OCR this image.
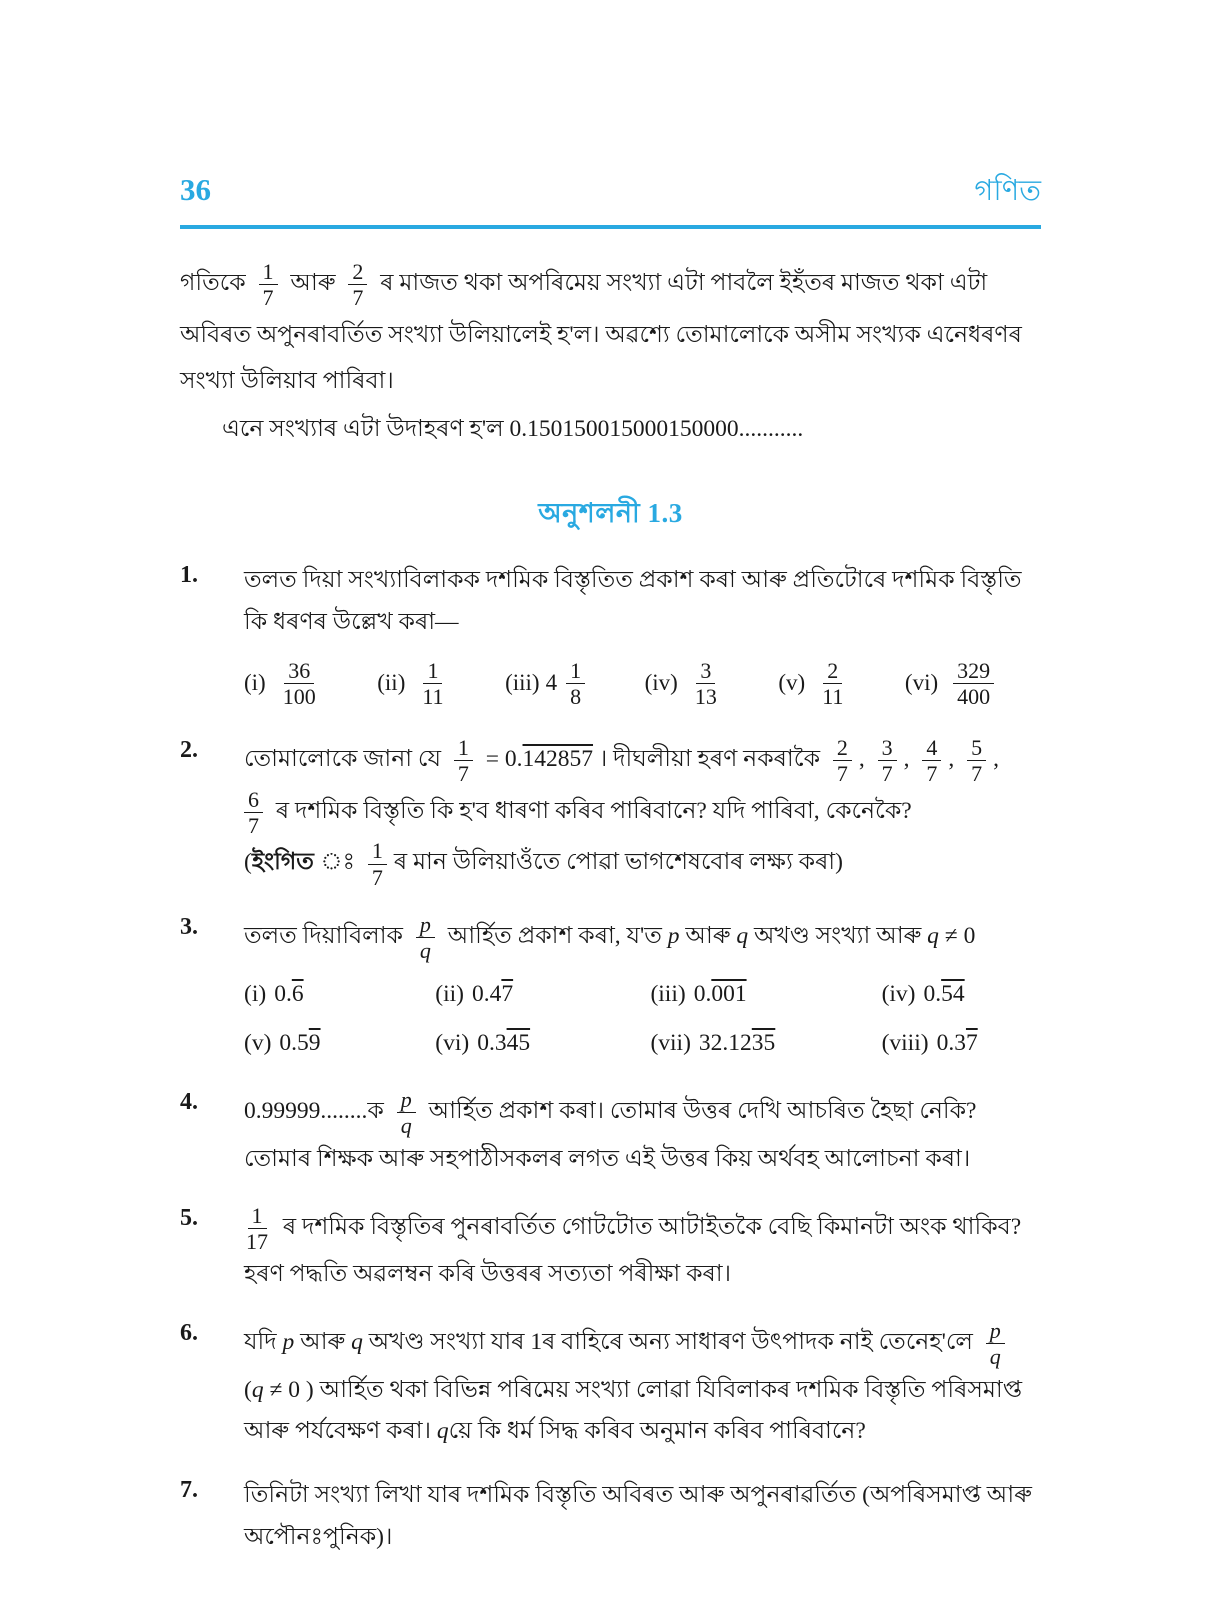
36	গণিত
গতিকে $\frac{1}{7}$ আৰু $\frac{2}{7}$ ৰ মাজত থকা অপৰিমেয় সংখ্যা এটা পাবলৈ ইহঁতৰ মাজত থকা এটা
অবিৰত অপুনৰাবৰ্তিত সংখ্যা উলিয়ালেই হ'ল। অৱশ্যে তোমালোকে অসীম সংখ্যক এনেধৰণৰ
সংখ্যা উলিয়াব পাৰিবা।
এনে সংখ্যাৰ এটা উদাহৰণ হ'ল 0.150150015000150000...........
অনুশলনী 1.3
1.	তলত দিয়া সংখ্যাবিলাকক দশমিক বিস্তৃতিত প্ৰকাশ কৰা আৰু প্ৰতিটোৰে দশমিক বিস্তৃতি
কি ধৰণৰ উল্লেখ কৰা—
$(i) \frac{36}{100}$	$(ii) \frac{1}{11}$	(iii) $4 \frac{1}{8}$	$(iv) \frac{3}{13}$	$(v) \frac{2}{11}$	$(vi) \frac{329}{400}$
2.	তোমালোকে জানা যে $\frac{1}{7} = 0.142857$ । দীঘলীয়া হৰণ নকৰাকৈ $\frac{2}{7}$ , $\frac{3}{7}$ , $\frac{4}{7}$ , $\frac{5}{7}$ ,
$\frac{6}{7}$ ৰ দশমিক বিস্তৃতি কি হ'ব ধাৰণা কৰিব পাৰিবানে? যদি পাৰিবা, কেনেকৈ?
(ইংগিত $\frac{1}{7}$ ৰ মান উলিয়াওঁতে পোৱা ভাগশেষবোৰ লক্ষ্য কৰা)
3.	তলত দিয়াবিলাক $\frac{p}{q}$ আৰ্হিত প্ৰকাশ কৰা, য'ত p আৰু q অখণ্ড সংখ্যা আৰু q ≠ 0
(i) 0.6	(ii) 0.47	(iii) 0.001	(iv) 0.54
(v) 0.59	(vi) 0.345	(vii) 32.1235	(viii) 0.37
4.	0.99999........ক $\frac{p}{q}$ আৰ্হিত প্ৰকাশ কৰা। তোমাৰ উত্তৰ দেখি আচৰিত হৈছা নেকি?
তোমাৰ শিক্ষক আৰু সহপাঠীসকলৰ লগত এই উত্তৰ কিয় অৰ্থবহ আলোচনা কৰা।
5.	$\frac{1}{17}$ ৰ দশমিক বিস্তৃতিৰ পুনৰাবৰ্তিত গোটটোত আটাইতকৈ বেছি কিমানটা অংক থাকিব?
হৰণ পদ্ধতি অৱলম্বন কৰি উত্তৰৰ সত্যতা পৰীক্ষা কৰা।
6.	যদি p আৰু q অখণ্ড সংখ্যা যাৰ 1ৰ বাহিৰে অন্য সাধাৰণ উৎপাদক নাই তেনেহ'লে $\frac{p}{q}$
(q ≠ 0 ) আৰ্হিত থকা বিভিন্ন পৰিমেয় সংখ্যা লোৱা যিবিলাকৰ দশমিক বিস্তৃতি পৰিসমাপ্ত
আৰু পৰ্যবেক্ষণ কৰা। qয়ে কি ধৰ্ম সিদ্ধ কৰিব অনুমান কৰিব পাৰিবানে?
7.	তিনিটা সংখ্যা লিখা যাৰ দশমিক বিস্তৃতি অবিৰত আৰু অপুনৰাৱৰ্তিত (অপৰিসমাপ্ত আৰু
অপৌনঃপুনিক)।
